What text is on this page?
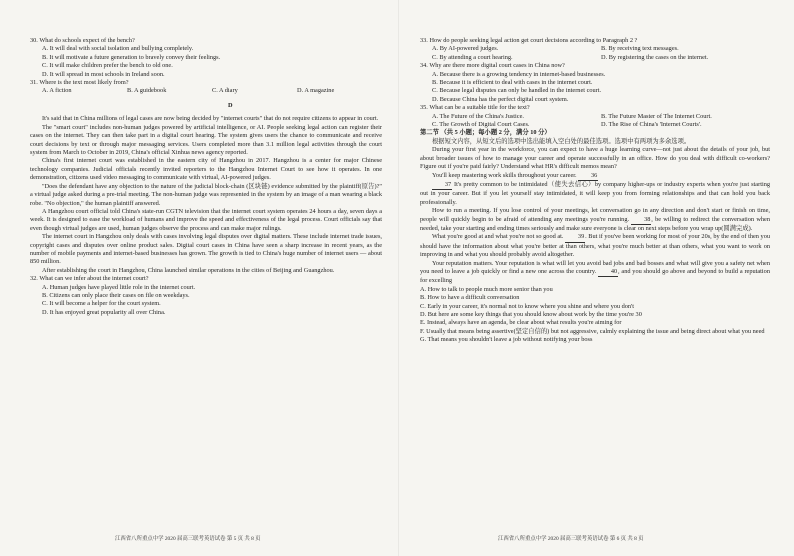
30. What do schools expect of the bench?

A. It will deal with social isolation and bullying completely.

B. It will motivate a future generation to bravely convey their feelings.

C. It will make children prefer the bench to old one.

D. It will spread in most schools in Ireland soon.

31. Where is the text most likely from?

A. A fiction	B. A guidebook	C. A diary	D. A magazine

D

It's said that in China millions of legal cases are now being decided by "internet courts" that do not require citizens to appear in court.

The "smart court" includes non-human judges powered by artificial intelligence, or AI. People seeking legal action can register their cases on the internet. They can then take part in a digital court hearing. The system gives users the chance to communicate and receive court decisions by text or through major messaging services. Users completed more than 3.1 million legal activities through the court system from March to October in 2019, China's official Xinhua news agency reported.

China's first internet court was established in the eastern city of Hangzhou in 2017. Hangzhou is a center for major Chinese technology companies. Judicial officials recently invited reporters to the Hangzhou Internet Court to see how it operates. In one demonstration, citizens used video messaging to communicate with virtual, AI-powered judges.

"Does the defendant have any objection to the nature of the judicial block-chain (区块链) evidence submitted by the plaintiff(原告)?" a virtual judge asked during a pre-trial meeting. The non-human judge was represented in the system by an image of a man wearing a black robe. "No objection," the human plaintiff answered.

A Hangzhou court official told China's state-run CGTN television that the internet court system operates 24 hours a day, seven days a week. It is designed to ease the workload of humans and improve the speed and effectiveness of the legal process. Court officials say that even though virtual judges are used, human judges observe the process and can make major rulings.

The internet court in Hangzhou only deals with cases involving legal disputes over digital matters. These include internet trade issues, copyright cases and disputes over online product sales. Digital court cases in China have seen a sharp increase in recent years, as the number of mobile payments and internet-based businesses has grown. The growth is tied to China's huge number of internet users — about 850 million.

After establishing the court in Hangzhou, China launched similar operations in the cities of Beijing and Guangzhou.

32. What can we infer about the internet court?

A. Human judges have played little role in the internet court.

B. Citizens can only place their cases on file on weekdays.

C. It will become a helper for the court system.

D. It has enjoyed great popularity all over China.

江西省八所重点中学 2020 届高三联考英语试卷 第 5 页 共 8 页

33. How do people seeking legal action get court decisions according to Paragraph 2 ?

A. By AI-powered judges.	B. By receiving text messages.
C. By attending a court hearing.	D. By registering the cases on the internet.

34. Why are there more digital court cases in China now?

A. Because there is a growing tendency in internet-based businesses.

B. Because it is efficient to deal with cases in the internet court.

C. Because legal disputes can only be handled in the internet court.

D. Because China has the perfect digital court system.

35. What can be a suitable title for the text?

A. The Future of the China's Justice.	B. The Future Master of The Internet Court.
C. The Growth of Digital Court Cases.	D. The Rise of China's 'Internet Courts'.

第二节 （共 5 小题；每小题 2 分，满分 10 分）

根据短文内容，从短文后的选项中选出能填入空白处的最佳选项。选项中有两项为多余选项。

During your first year in the workforce, you can expect to have a huge learning curve—not just about the details of your job, but about broader issues of how to manage your career and operate successfully in an office. How do you deal with difficult co-workers? Figure out if you're paid fairly? Understand what HR's difficult memos mean?

You'll keep mastering work skills throughout your career. 36

37 It's pretty common to be intimidated（使失去信心）by company higher-ups or industry experts when you're just starting out in your career. But if you let yourself stay intimidated, it will keep you from forming relationships and that can hold you back professionally.

How to run a meeting. If you lose control of your meetings, let conversation go in any direction and don't start or finish on time, people will quickly begin to be afraid of attending any meetings you're running. 38, be willing to redirect the conversation when needed, take your starting and ending times seriously and make sure everyone is clear on next steps before you wrap up(圆满完成).

What you're good at and what you're not so good at. 39. But if you've been working for most of your 20s, by the end of then you should have the information about what you're better at than others, what you're much better at than others, what you want to work on improving in and what you should probably avoid altogether.

Your reputation matters. Your reputation is what will let you avoid bad jobs and bad bosses and what will give you a safety net when you need to leave a job quickly or find a new one across the country. 40, and you should go above and beyond to build a reputation for excelling

A. How to talk to people much more senior than you

B. How to have a difficult conversation

C. Early in your career, it's normal not to know where you shine and where you don't

D. But here are some key things that you should know about work by the time you're 30

E. Instead, always have an agenda, be clear about what results you're aiming for

F. Usually that means being assertive(坚定自信的) but not aggressive, calmly explaining the issue and being direct about what you need

G. That means you shouldn't leave a job without notifying your boss

江西省八所重点中学 2020 届高三联考英语试卷 第 6 页 共 8 页
